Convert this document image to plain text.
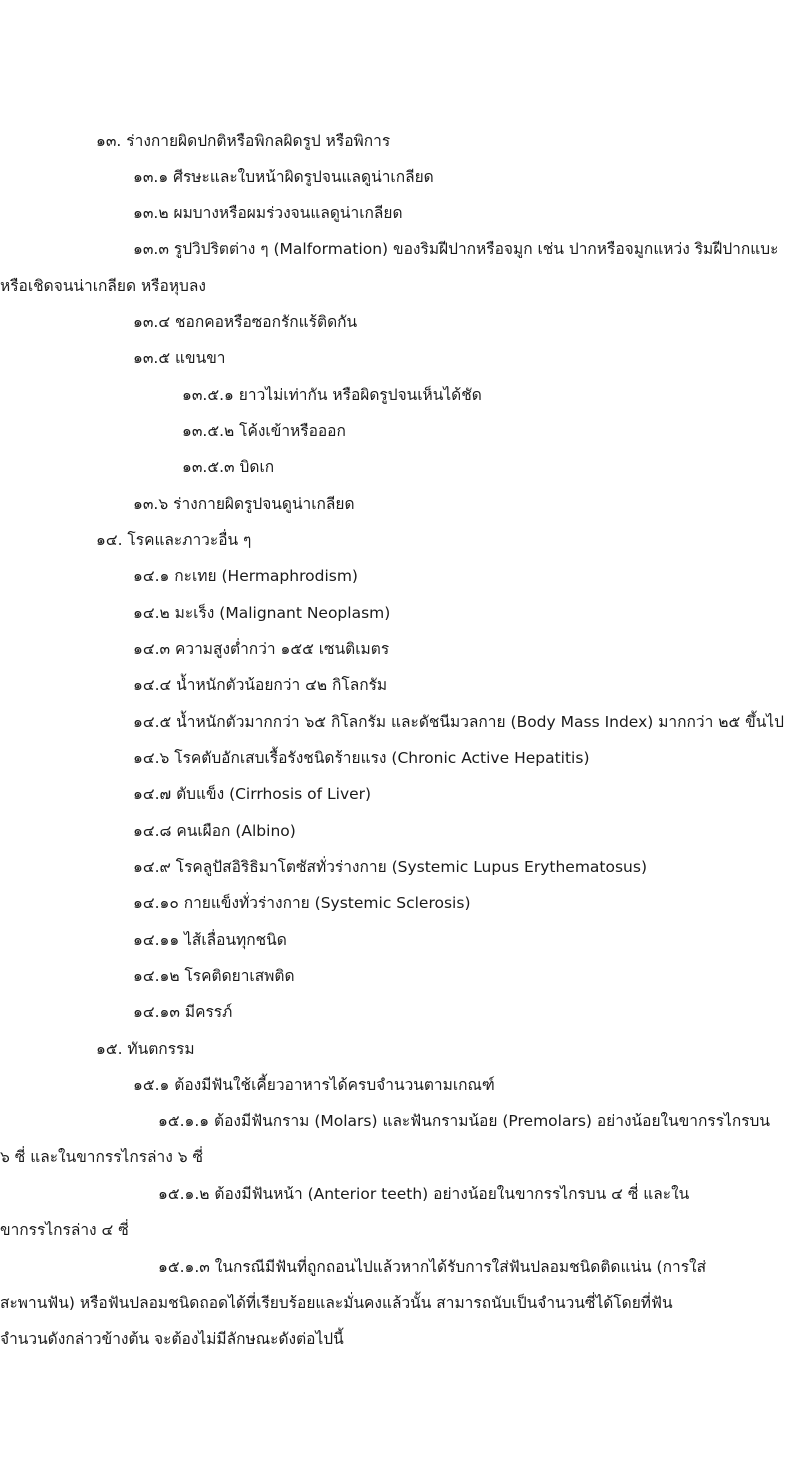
๑๓. ร่างกายผิดปกติหรือพิกลผิดรูป หรือพิการ
๑๓.๑ ศีรษะและใบหน้าผิดรูปจนแลดูน่าเกลียด
๑๓.๒ ผมบางหรือผมร่วงจนแลดูน่าเกลียด
๑๓.๓ รูปวิปริตต่าง ๆ (Malformation) ของริมฝีปากหรือจมูก เช่น ปากหรือจมูกแหว่ง ริมฝีปากแบะ
หรือเชิดจนน่าเกลียด หรือหุบลง
๑๓.๔ ชอกคอหรือซอกรักแร้ติดกัน
๑๓.๕ แขนขา
๑๓.๕.๑ ยาวไม่เท่ากัน หรือผิดรูปจนเห็นได้ชัด
๑๓.๕.๒ โค้งเข้าหรือออก
๑๓.๕.๓ บิดเก
๑๓.๖ ร่างกายผิดรูปจนดูน่าเกลียด
๑๔. โรคและภาวะอื่น ๆ
๑๔.๑ กะเทย (Hermaphrodism)
๑๔.๒ มะเร็ง (Malignant Neoplasm)
๑๔.๓ ความสูงต่ำกว่า ๑๕๕ เซนติเมตร
๑๔.๔ น้ำหนักตัวน้อยกว่า ๔๒ กิโลกรัม
๑๔.๕ น้ำหนักตัวมากกว่า ๖๕ กิโลกรัม และดัชนีมวลกาย (Body Mass Index) มากกว่า ๒๕ ขึ้นไป
๑๔.๖ โรคตับอักเสบเรื้อรังชนิดร้ายแรง (Chronic Active Hepatitis)
๑๔.๗ ตับแข็ง (Cirrhosis of Liver)
๑๔.๘ คนเผือก (Albino)
๑๔.๙ โรคลูปัสอิริธิมาโตซัสทั่วร่างกาย (Systemic Lupus Erythematosus)
๑๔.๑๐ กายแข็งทั่วร่างกาย (Systemic Sclerosis)
๑๔.๑๑ ไส้เลื่อนทุกชนิด
๑๔.๑๒ โรคติดยาเสพติด
๑๔.๑๓ มีครรภ์
๑๕. ทันตกรรม
๑๕.๑ ต้องมีฟันใช้เคี้ยวอาหารได้ครบจำนวนตามเกณฑ์
๑๕.๑.๑ ต้องมีฟันกราม (Molars) และฟันกรามน้อย (Premolars) อย่างน้อยในขากรรไกรบน
๖ ซี่ และในขากรรไกรล่าง ๖ ซี่
๑๕.๑.๒ ต้องมีฟันหน้า (Anterior teeth) อย่างน้อยในขากรรไกรบน ๔ ซี่ และใน
ขากรรไกรล่าง ๔ ซี่
๑๕.๑.๓ ในกรณีมีฟันที่ถูกถอนไปแล้วหากได้รับการใส่ฟันปลอมชนิดติดแน่น (การใส่
สะพานฟัน) หรือฟันปลอมชนิดถอดได้ที่เรียบร้อยและมั่นคงแล้วนั้น สามารถนับเป็นจำนวนซี่ได้โดยที่ฟัน
จำนวนดังกล่าวข้างต้น จะต้องไม่มีลักษณะดังต่อไปนี้
